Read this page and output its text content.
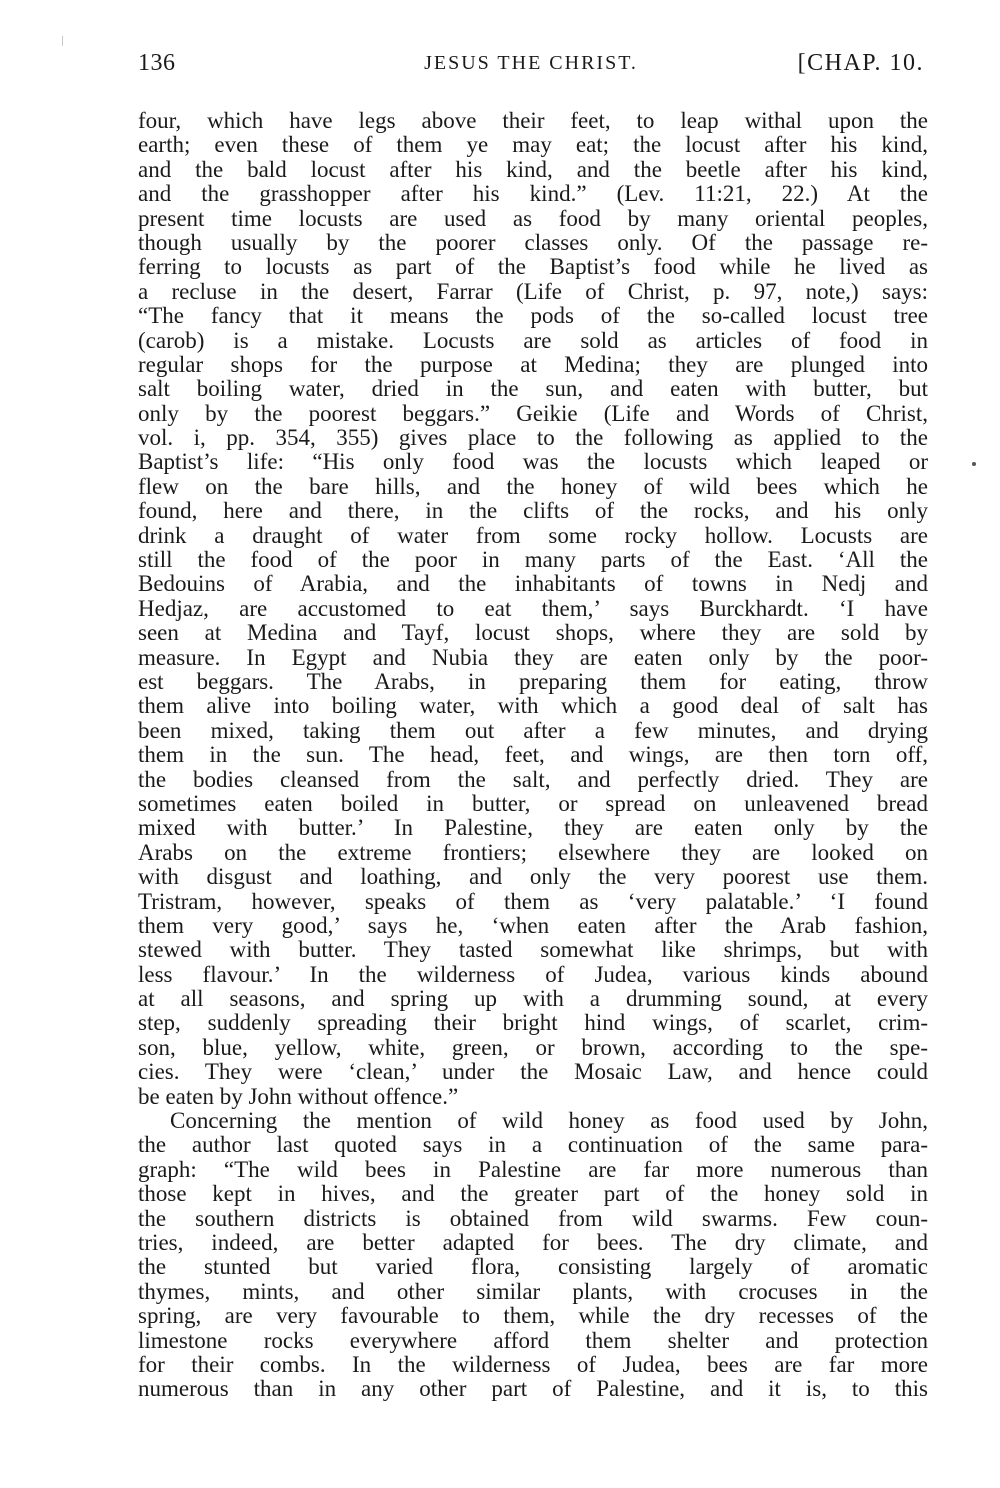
136	JESUS THE CHRIST.	[CHAP. 10.
four, which have legs above their feet, to leap withal upon the
earth; even these of them ye may eat; the locust after his kind,
and the bald locust after his kind, and the beetle after his kind,
and the grasshopper after his kind.” (Lev. 11:21, 22.) At the
present time locusts are used as food by many oriental peoples,
though usually by the poorer classes only. Of the passage re-
ferring to locusts as part of the Baptist’s food while he lived as
a recluse in the desert, Farrar (Life of Christ, p. 97, note,) says:
“The fancy that it means the pods of the so-called locust tree
(carob) is a mistake. Locusts are sold as articles of food in
regular shops for the purpose at Medina; they are plunged into
salt boiling water, dried in the sun, and eaten with butter, but
only by the poorest beggars.” Geikie (Life and Words of Christ,
vol. i, pp. 354, 355) gives place to the following as applied to the
Baptist’s life: “His only food was the locusts which leaped or
flew on the bare hills, and the honey of wild bees which he
found, here and there, in the clifts of the rocks, and his only
drink a draught of water from some rocky hollow. Locusts are
still the food of the poor in many parts of the East. ‘All the
Bedouins of Arabia, and the inhabitants of towns in Nedj and
Hedjaz, are accustomed to eat them,’ says Burckhardt. ‘I have
seen at Medina and Tayf, locust shops, where they are sold by
measure. In Egypt and Nubia they are eaten only by the poor-
est beggars. The Arabs, in preparing them for eating, throw
them alive into boiling water, with which a good deal of salt has
been mixed, taking them out after a few minutes, and drying
them in the sun. The head, feet, and wings, are then torn off,
the bodies cleansed from the salt, and perfectly dried. They are
sometimes eaten boiled in butter, or spread on unleavened bread
mixed with butter.’ In Palestine, they are eaten only by the
Arabs on the extreme frontiers; elsewhere they are looked on
with disgust and loathing, and only the very poorest use them.
Tristram, however, speaks of them as ‘very palatable.’ ‘I found
them very good,’ says he, ‘when eaten after the Arab fashion,
stewed with butter. They tasted somewhat like shrimps, but with
less flavour.’ In the wilderness of Judea, various kinds abound
at all seasons, and spring up with a drumming sound, at every
step, suddenly spreading their bright hind wings, of scarlet, crim-
son, blue, yellow, white, green, or brown, according to the spe-
cies. They were ‘clean,’ under the Mosaic Law, and hence could
be eaten by John without offence.”
Concerning the mention of wild honey as food used by John,
the author last quoted says in a continuation of the same para-
graph: “The wild bees in Palestine are far more numerous than
those kept in hives, and the greater part of the honey sold in
the southern districts is obtained from wild swarms. Few coun-
tries, indeed, are better adapted for bees. The dry climate, and
the stunted but varied flora, consisting largely of aromatic
thymes, mints, and other similar plants, with crocuses in the
spring, are very favourable to them, while the dry recesses of the
limestone rocks everywhere afford them shelter and protection
for their combs. In the wilderness of Judea, bees are far more
numerous than in any other part of Palestine, and it is, to this
